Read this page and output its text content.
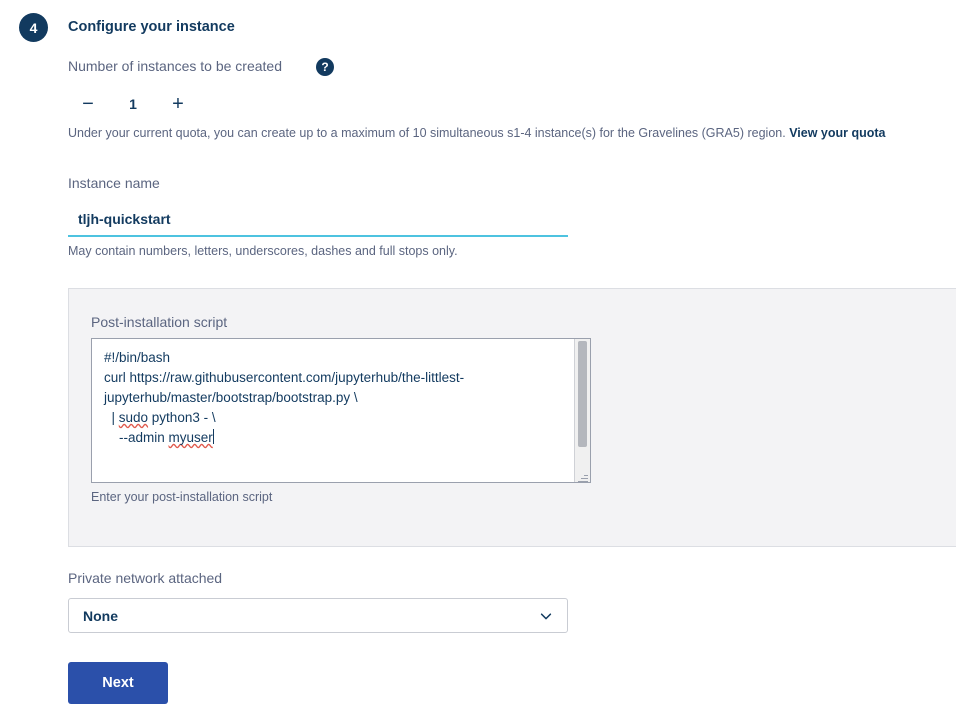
4	Configure your instance
Number of instances to be created	?
−	1	+
Under your current quota, you can create up to a maximum of 10 simultaneous s1-4 instance(s) for the Gravelines (GRA5) region. View your quota
Instance name
tljh-quickstart
May contain numbers, letters, underscores, dashes and full stops only.
Post-installation script
#!/bin/bash
curl https://raw.githubusercontent.com/jupyterhub/the-littlest-
jupyterhub/master/bootstrap/bootstrap.py \
| sudo python3 - \
--admin myuser
Enter your post-installation script
Private network attached
None
Next
